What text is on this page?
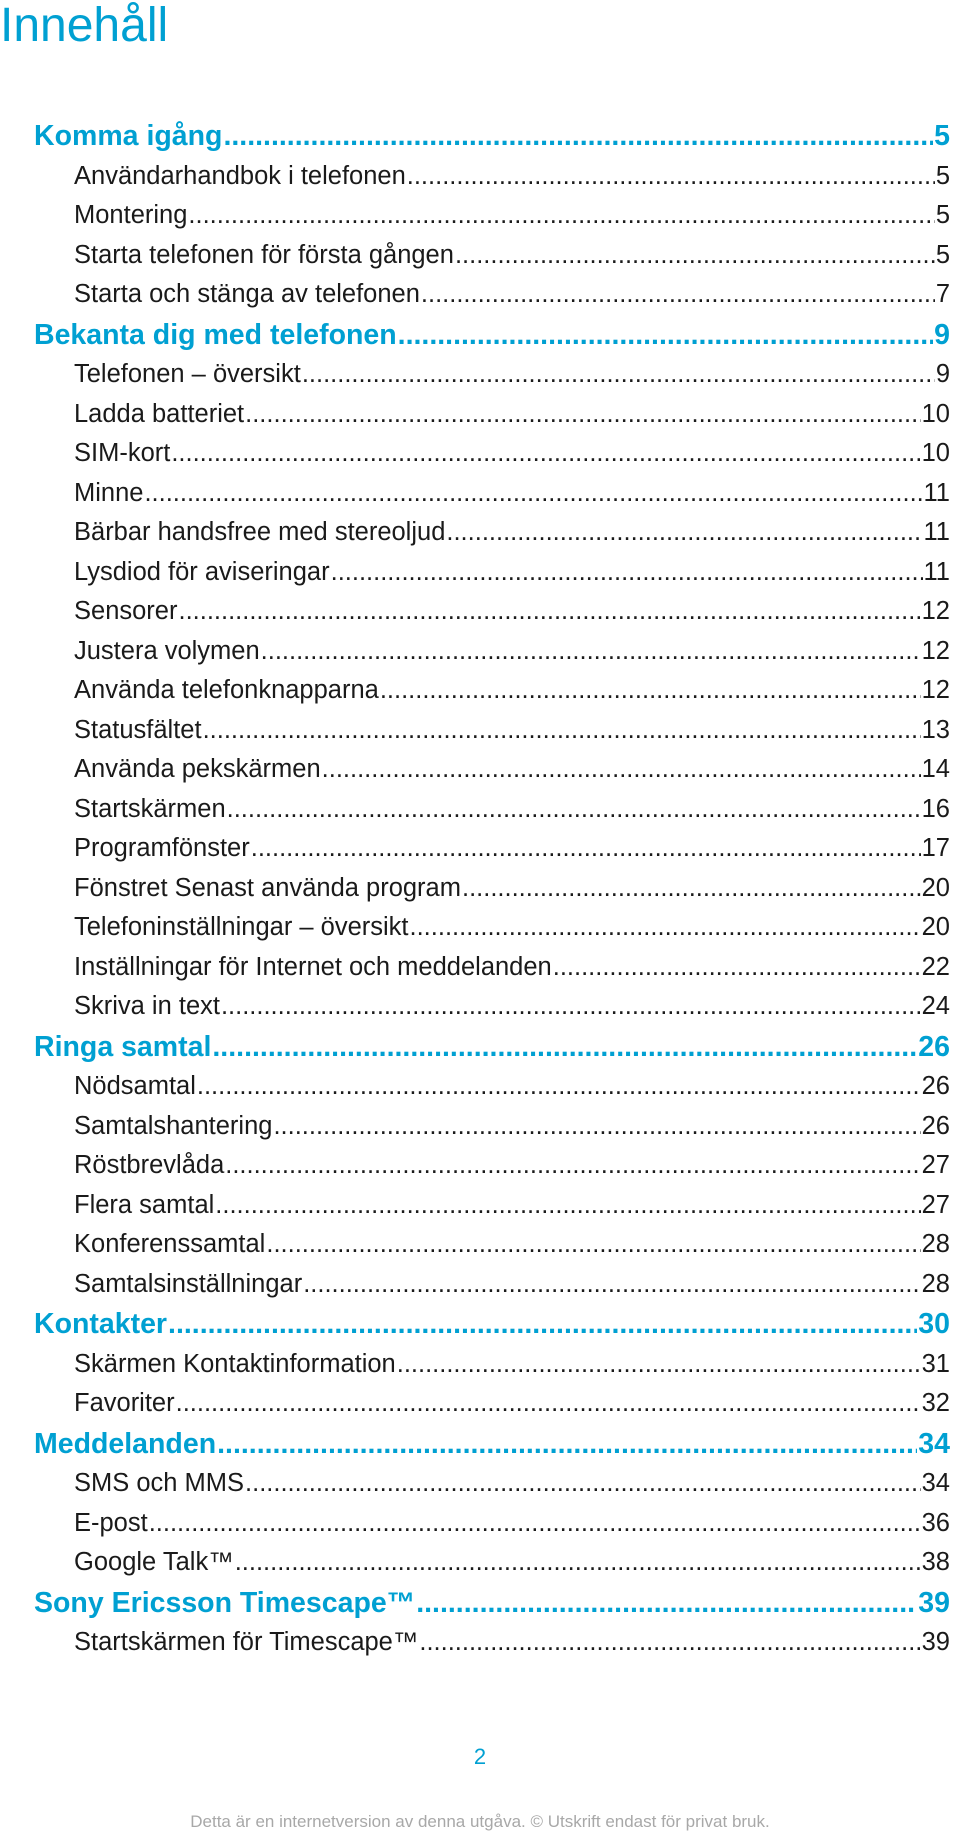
Innehåll
Komma igång .....	5
Användarhandbok i telefonen .....	5
Montering .....	5
Starta telefonen för första gången .....	5
Starta och stänga av telefonen .....	7
Bekanta dig med telefonen .....	9
Telefonen – översikt .....	9
Ladda batteriet .....	10
SIM-kort .....	10
Minne .....	11
Bärbar handsfree med stereoljud .....	11
Lysdiod för aviseringar .....	11
Sensorer .....	12
Justera volymen .....	12
Använda telefonknapparna .....	12
Statusfältet .....	13
Använda pekskärmen .....	14
Startskärmen .....	16
Programfönster .....	17
Fönstret Senast använda program .....	20
Telefoninställningar – översikt .....	20
Inställningar för Internet och meddelanden .....	22
Skriva in text .....	24
Ringa samtal .....	26
Nödsamtal .....	26
Samtalshantering .....	26
Röstbrevlåda .....	27
Flera samtal .....	27
Konferenssamtal .....	28
Samtalsinställningar .....	28
Kontakter .....	30
Skärmen Kontaktinformation .....	31
Favoriter .....	32
Meddelanden .....	34
SMS och MMS .....	34
E-post .....	36
Google Talk™ .....	38
Sony Ericsson Timescape™ .....	39
Startskärmen för Timescape™ .....	39
2
Detta är en internetversion av denna utgåva. © Utskrift endast för privat bruk.
